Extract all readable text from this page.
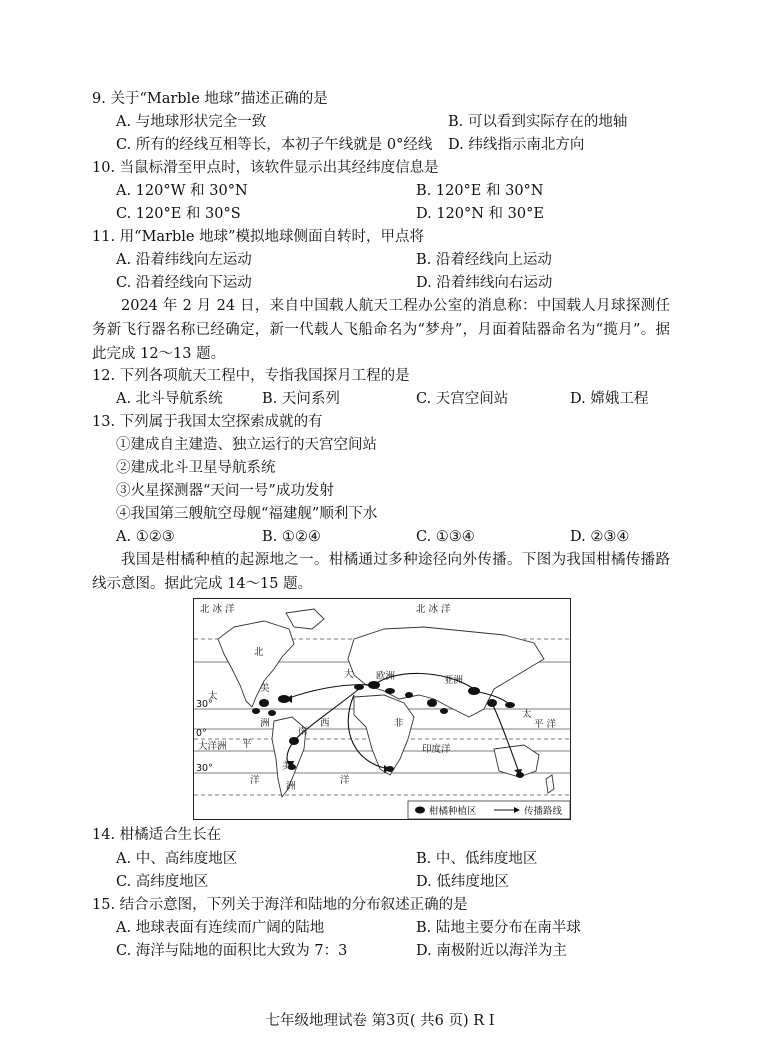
9. 关于“Marble 地球”描述正确的是
A. 与地球形状完全一致	B. 可以看到实际存在的地轴
C. 所有的经线互相等长，本初子午线就是 0°经线 D. 纬线指示南北方向
10. 当鼠标滑至甲点时，该软件显示出其经纬度信息是
A. 120°W 和 30°N	B. 120°E 和 30°N
C. 120°E 和 30°S	D. 120°N 和 30°E
11. 用“Marble 地球”模拟地球侧面自转时，甲点将
A. 沿着纬线向左运动	B. 沿着经线向上运动
C. 沿着经线向下运动	D. 沿着纬线向右运动
2024 年 2 月 24 日，来自中国载人航天工程办公室的消息称：中国载人月球探测任务新飞行器名称已经确定，新一代载人飞船命名为“梦舟”，月面着陆器命名为“揽月”。据此完成 12～13 题。
12. 下列各项航天工程中，专指我国探月工程的是
A. 北斗导航系统	B. 天问系列	C. 天宫空间站	D. 嫦娥工程
13. 下列属于我国太空探索成就的有
①建成自主建造、独立运行的天宫空间站
②建成北斗卫星导航系统
③火星探测器“天问一号”成功发射
④我国第三艘航空母舰“福建舰”顺利下水
A. ①②③	B. ①②④	C. ①③④	D. ②③④
我国是柑橘种植的起源地之一。柑橘通过多种途径向外传播。下图为我国柑橘传播路线示意图。据此完成 14～15 题。
北 冰 洋	北 冰 洋
北
大 欧洲	亚洲
太
美
洲	西	非
南
美
洲
印度洋
太
平 洋
大洋洲 平
洋	洋
30°
0°
30°
柑橘种植区	传播路线
14. 柑橘适合生长在
A. 中、高纬度地区	B. 中、低纬度地区
C. 高纬度地区	D. 低纬度地区
15. 结合示意图，下列关于海洋和陆地的分布叙述正确的是
A. 地球表面有连续而广阔的陆地	B. 陆地主要分布在南半球
C. 海洋与陆地的面积比大致为 7：3	D. 南极附近以海洋为主
七年级地理试卷 第3页( 共6 页) R I
